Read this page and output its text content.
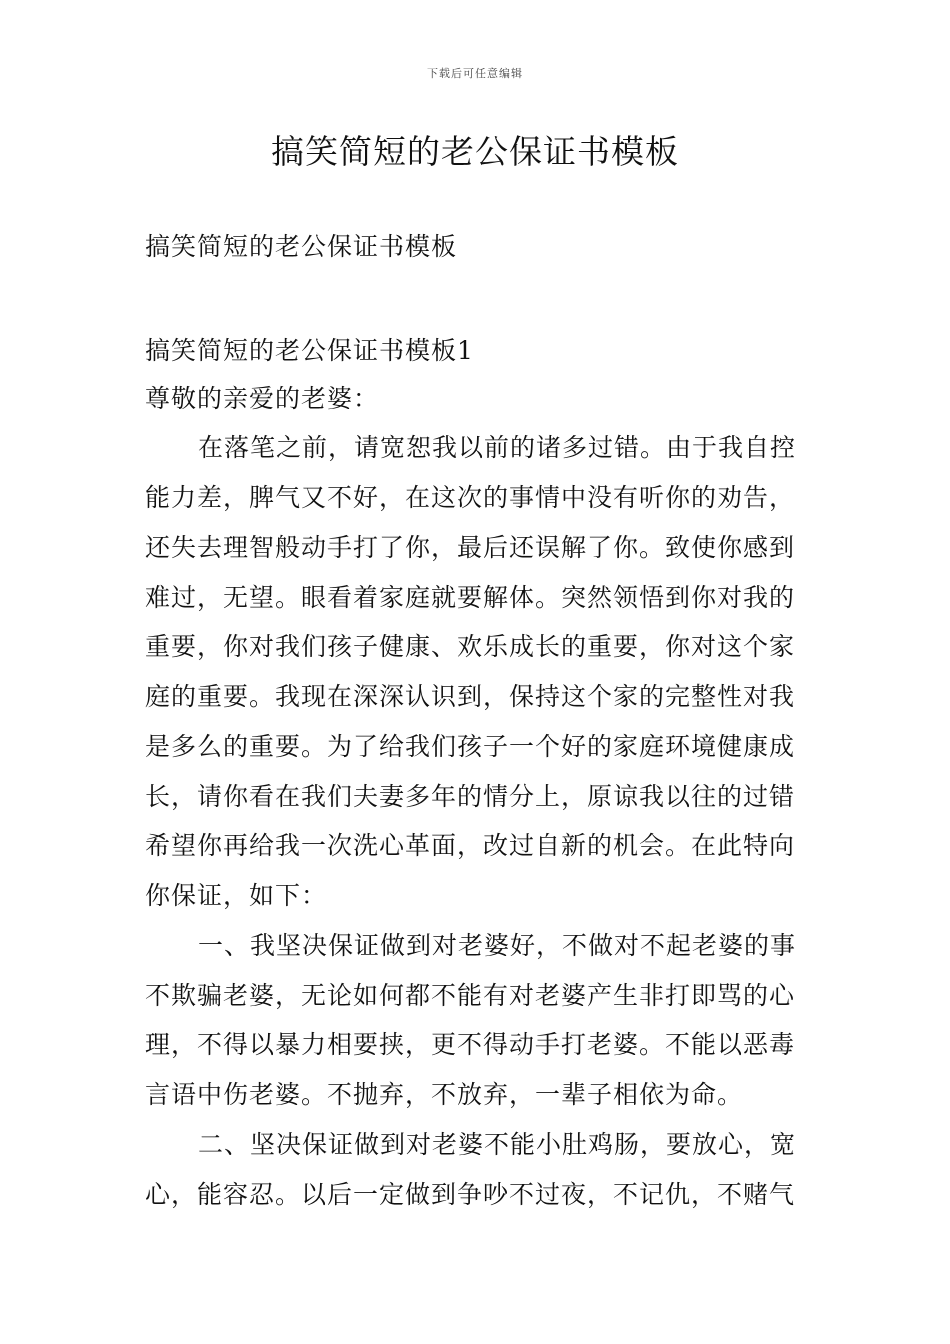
下载后可任意编辑
搞笑简短的老公保证书模板
搞笑简短的老公保证书模板
搞笑简短的老公保证书模板1
尊敬的亲爱的老婆：
在落笔之前，请宽恕我以前的诸多过错。由于我自控
能力差，脾气又不好，在这次的事情中没有听你的劝告，
还失去理智般动手打了你，最后还误解了你。致使你感到
难过，无望。眼看着家庭就要解体。突然领悟到你对我的
重要，你对我们孩子健康、欢乐成长的重要，你对这个家
庭的重要。我现在深深认识到，保持这个家的完整性对我
是多么的重要。为了给我们孩子一个好的家庭环境健康成
长，请你看在我们夫妻多年的情分上，原谅我以往的过错
希望你再给我一次洗心革面，改过自新的机会。在此特向
你保证，如下：
一、我坚决保证做到对老婆好，不做对不起老婆的事
不欺骗老婆，无论如何都不能有对老婆产生非打即骂的心
理，不得以暴力相要挟，更不得动手打老婆。不能以恶毒
言语中伤老婆。不抛弃，不放弃，一辈子相依为命。
二、坚决保证做到对老婆不能小肚鸡肠，要放心，宽
心，能容忍。以后一定做到争吵不过夜，不记仇，不赌气
